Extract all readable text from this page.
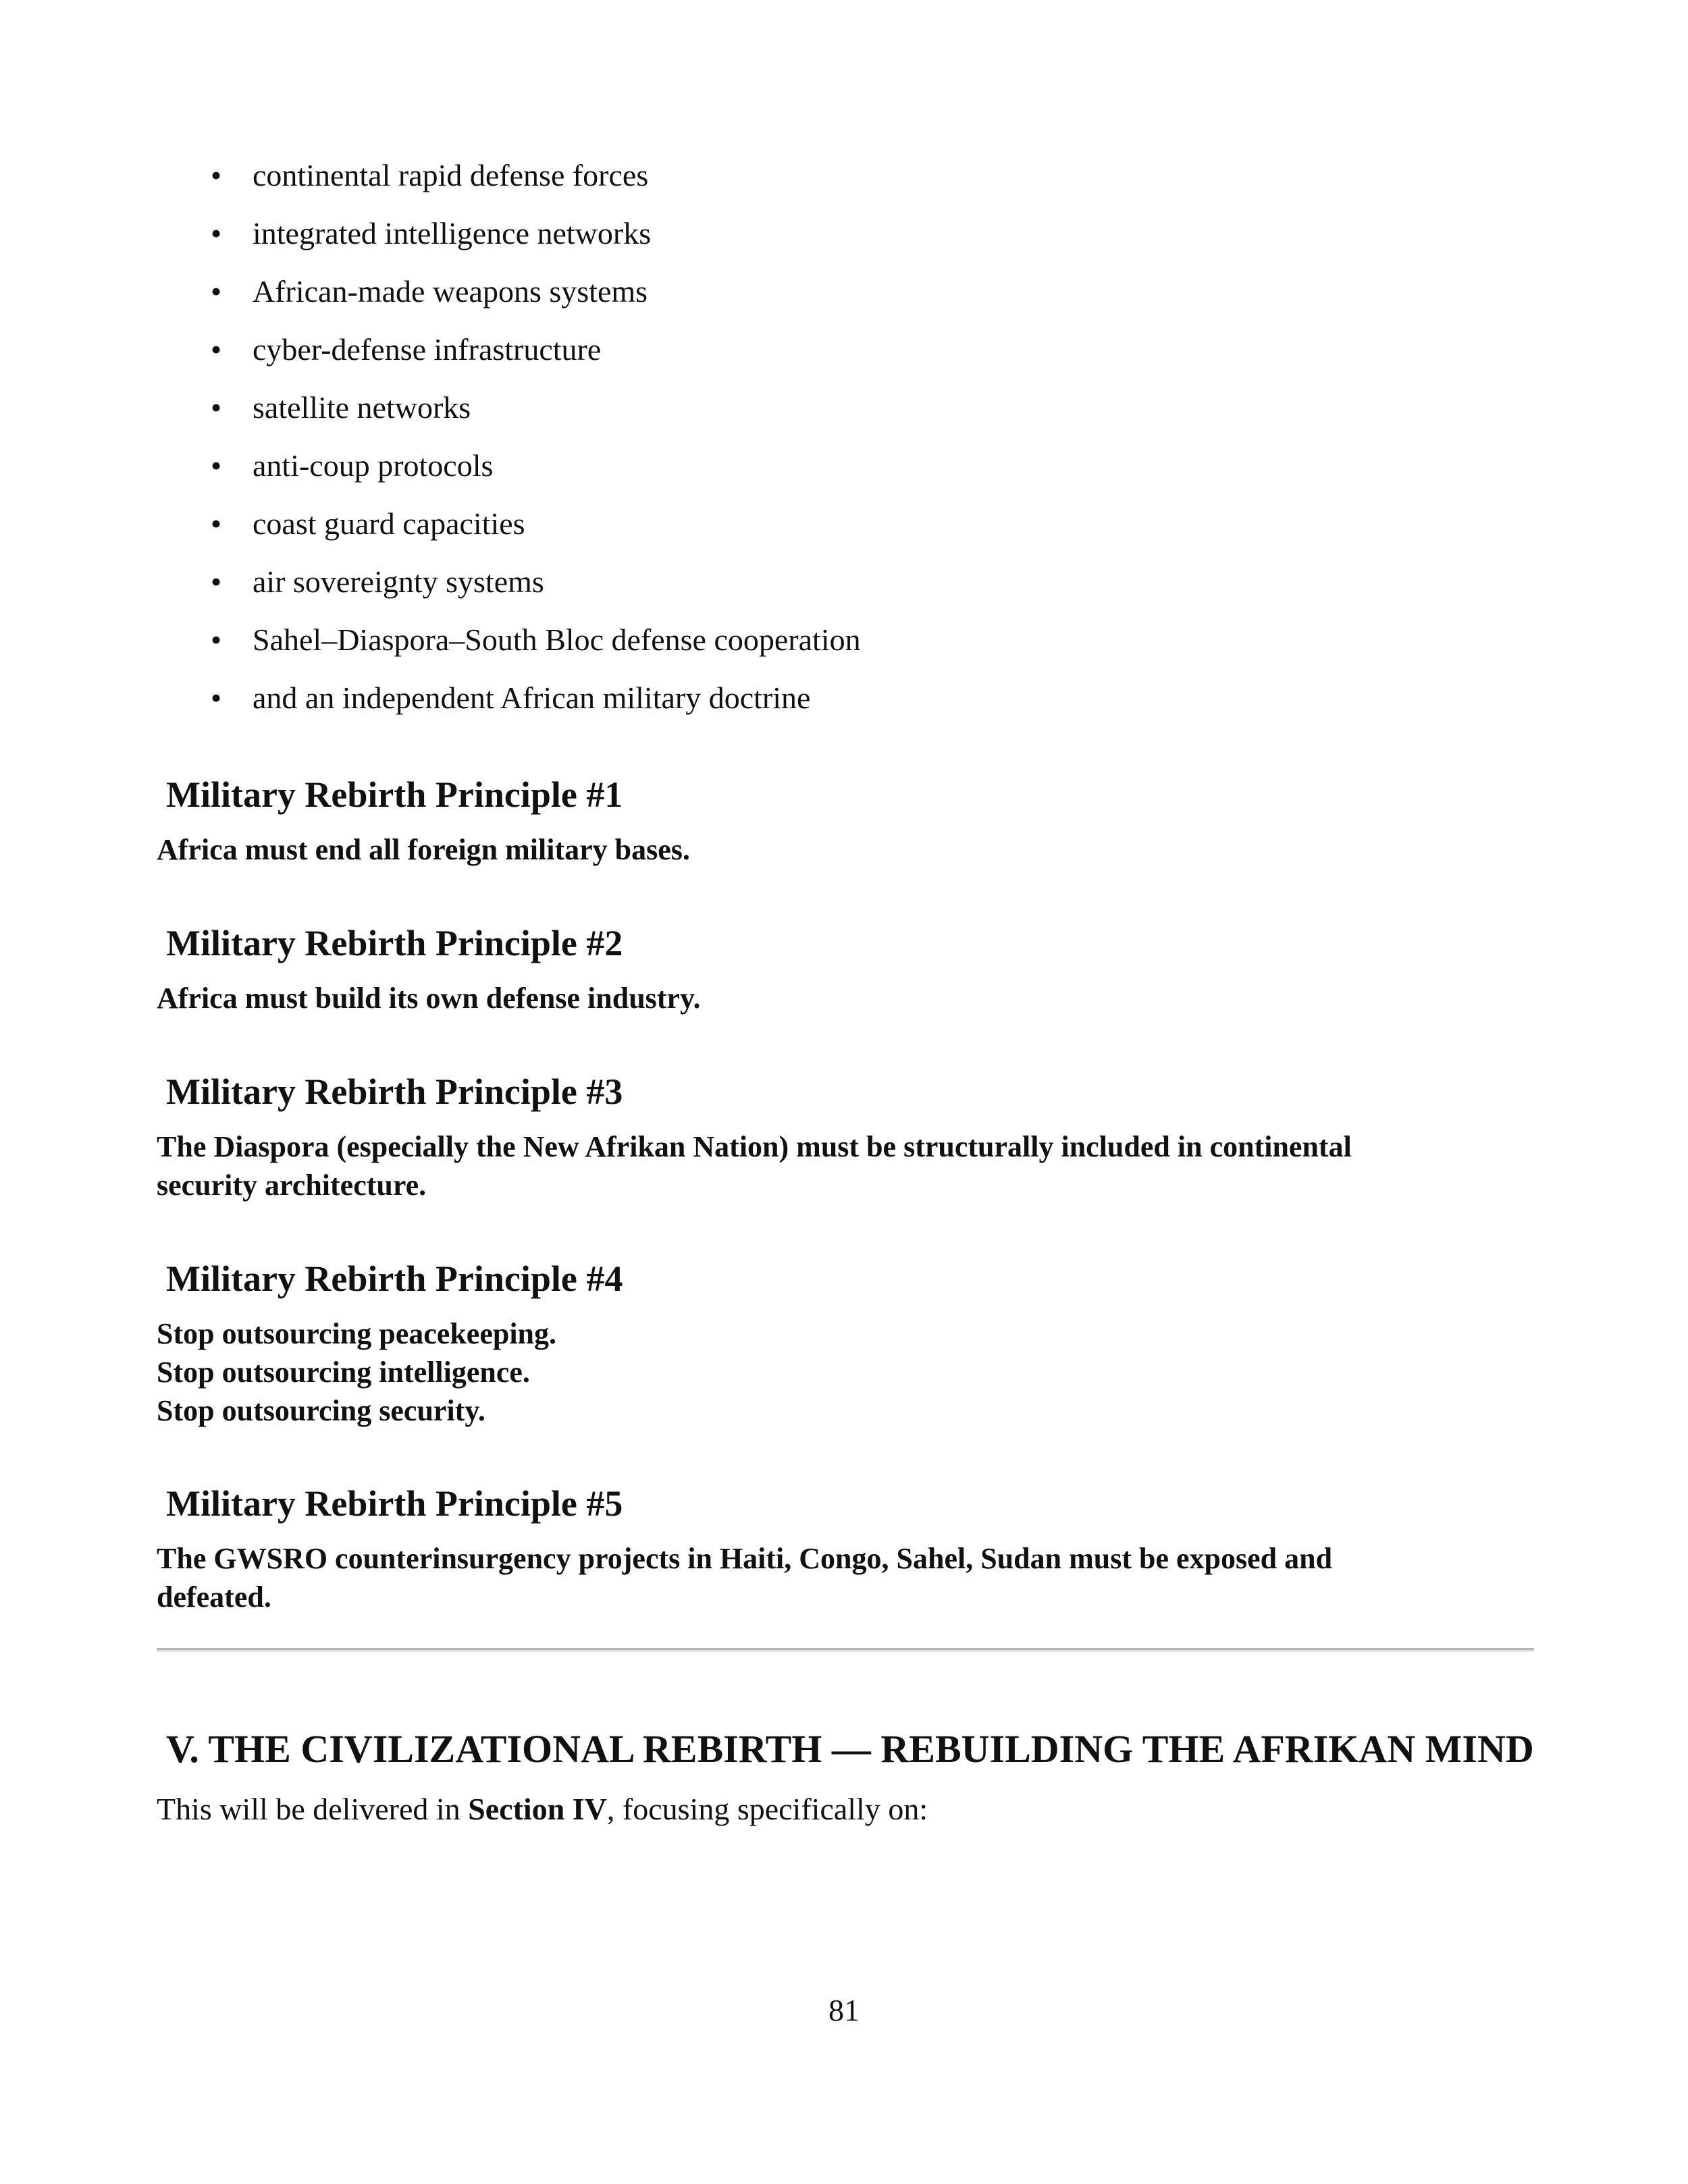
• continental rapid defense forces
• integrated intelligence networks
• African-made weapons systems
• cyber-defense infrastructure
• satellite networks
• anti-coup protocols
• coast guard capacities
• air sovereignty systems
• Sahel–Diaspora–South Bloc defense cooperation
• and an independent African military doctrine
Military Rebirth Principle #1

Africa must end all foreign military bases.

Military Rebirth Principle #2

Africa must build its own defense industry.

Military Rebirth Principle #3

The Diaspora (especially the New Afrikan Nation) must be structurally included in continental
security architecture.

Military Rebirth Principle #4

Stop outsourcing peacekeeping.
Stop outsourcing intelligence.
Stop outsourcing security.

Military Rebirth Principle #5

The GWSRO counterinsurgency projects in Haiti, Congo, Sahel, Sudan must be exposed and
defeated.

V. THE CIVILIZATIONAL REBIRTH — REBUILDING THE AFRIKAN MIND

This will be delivered in Section IV, focusing specifically on:

81
